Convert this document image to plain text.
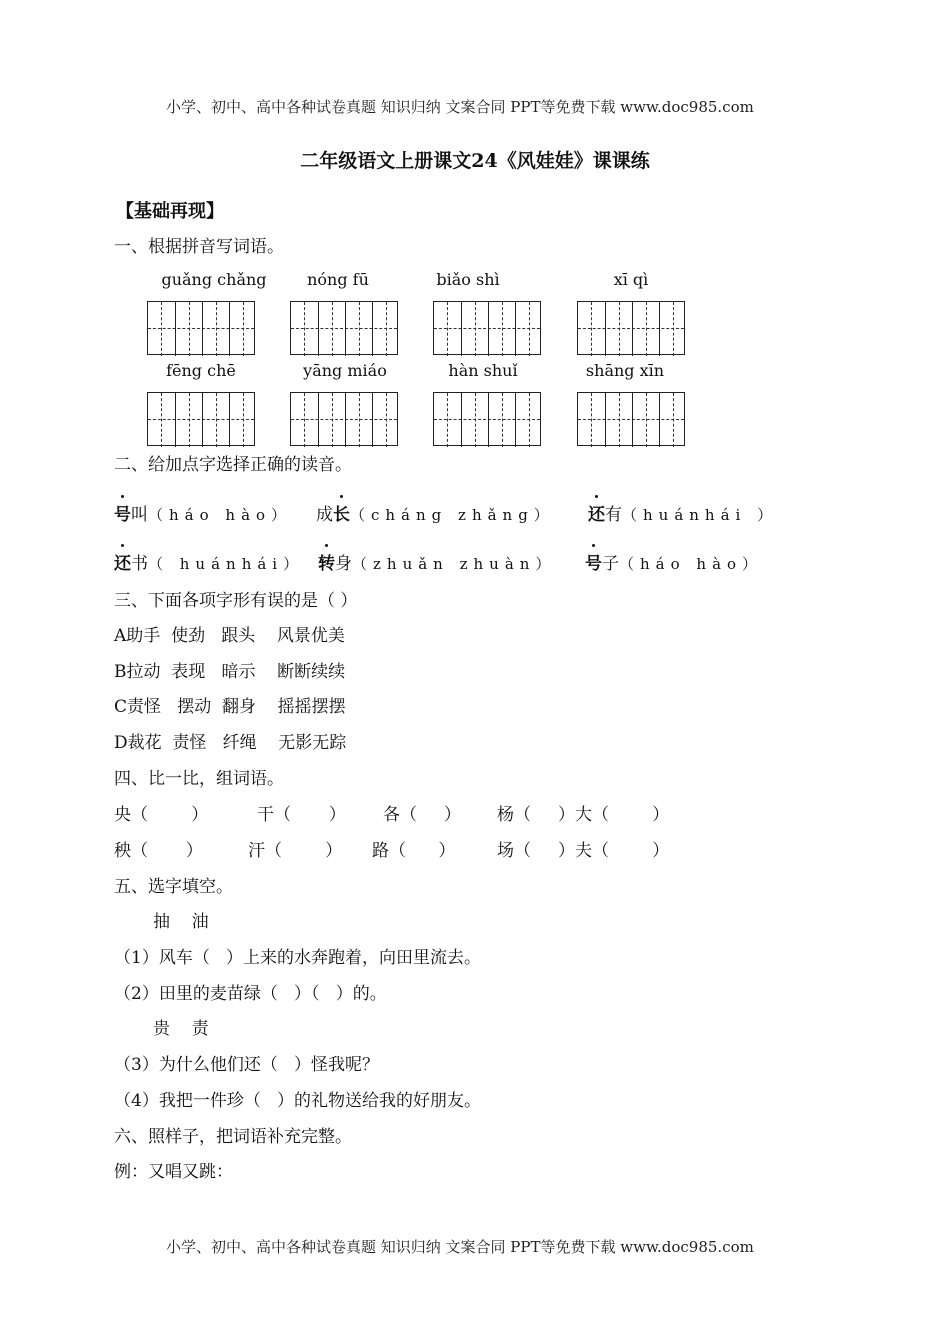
小学、初中、高中各种试卷真题 知识归纳 文案合同 PPT等免费下载 www.doc985.com
二年级语文上册课文24《风娃娃》课课练
【基础再现】
一、根据拼音写词语。
guǎng chǎng	nóng fū	biǎo shì	xī qì
fēng chē	yāng miáo	hàn shuǐ	shāng xīn
二、给加点字选择正确的读音。
号叫（háo hào） 成长（cháng zhǎng） 还有（huánhái ）
还书（ huánhái） 转身（zhuǎn zhuàn） 号子（háo hào）
三、下面各项字形有误的是（ ）
A助手  使劲   跟头    风景优美
B拉动  表现   暗示    断断续续
C责怪   摆动  翻身    摇摇摆摆
D裁花  责怪   纤绳    无影无踪
四、比一比，组词语。
央（        ）	干（       ） 各（     ） 杨（     ）大（        ）
秧（       ）	汗（        ） 路（      ） 场（     ）夫（        ）
五、选字填空。
抽    油
（1）风车（   ）上来的水奔跑着，向田里流去。
（2）田里的麦苗绿（   ）（   ）的。
贵    责
（3）为什么他们还（   ）怪我呢？
（4）我把一件珍（   ）的礼物送给我的好朋友。
六、照样子，把词语补充完整。
例：又唱又跳：
小学、初中、高中各种试卷真题 知识归纳 文案合同 PPT等免费下载 www.doc985.com
